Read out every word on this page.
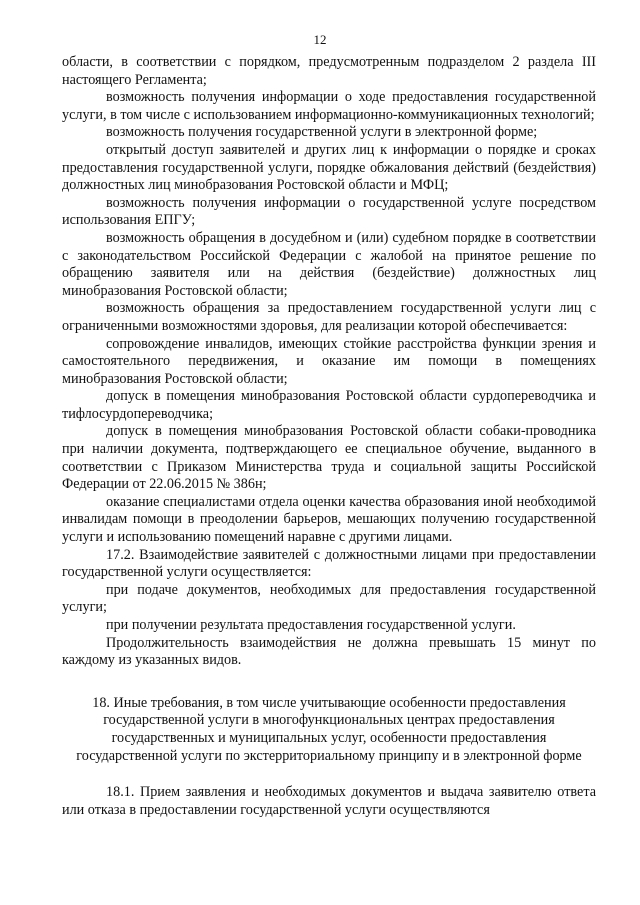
12

области, в соответствии с порядком, предусмотренным подразделом 2 раздела III настоящего Регламента;

возможность получения информации о ходе предоставления государственной услуги, в том числе с использованием информационно-коммуникационных технологий;

возможность получения государственной услуги в электронной форме;

открытый доступ заявителей и других лиц к информации о порядке и сроках предоставления государственной услуги, порядке обжалования действий (бездействия) должностных лиц минобразования Ростовской области и МФЦ;

возможность получения информации о государственной услуге посредством использования ЕПГУ;

возможность обращения в досудебном и (или) судебном порядке в соответствии с законодательством Российской Федерации с жалобой на принятое решение по обращению заявителя или на действия (бездействие) должностных лиц минобразования Ростовской области;

возможность обращения за предоставлением государственной услуги лиц с ограниченными возможностями здоровья, для реализации которой обеспечивается:

сопровождение инвалидов, имеющих стойкие расстройства функции зрения и самостоятельного передвижения, и оказание им помощи в помещениях минобразования Ростовской области;

допуск в помещения минобразования Ростовской области сурдопереводчика и тифлосурдопереводчика;

допуск в помещения минобразования Ростовской области собаки-проводника при наличии документа, подтверждающего ее специальное обучение, выданного в соответствии с Приказом Министерства труда и социальной защиты Российской Федерации от 22.06.2015 № 386н;

оказание специалистами отдела оценки качества образования иной необходимой инвалидам помощи в преодолении барьеров, мешающих получению государственной услуги и использованию помещений наравне с другими лицами.

17.2. Взаимодействие заявителей с должностными лицами при предоставлении государственной услуги осуществляется:

при подаче документов, необходимых для предоставления государственной услуги;

при получении результата предоставления государственной услуги.

Продолжительность взаимодействия не должна превышать 15 минут по каждому из указанных видов.

18. Иные требования, в том числе учитывающие особенности предоставления государственной услуги в многофункциональных центрах предоставления государственных и муниципальных услуг, особенности предоставления государственной услуги по экстерриториальному принципу и в электронной форме

18.1. Прием заявления и необходимых документов и выдача заявителю ответа или отказа в предоставлении государственной услуги осуществляются
